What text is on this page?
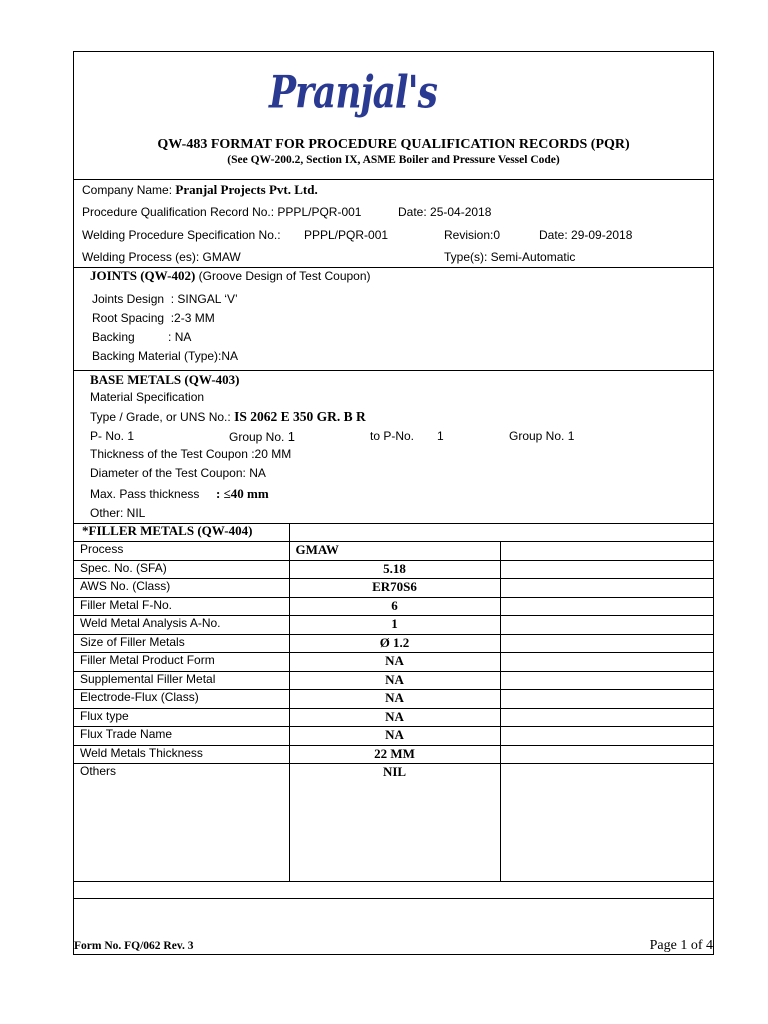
Pranjal's
QW-483 FORMAT FOR PROCEDURE QUALIFICATION RECORDS (PQR)
(See QW-200.2, Section IX, ASME Boiler and Pressure Vessel Code)
Company Name: Pranjal Projects Pvt. Ltd.
Procedure Qualification Record No.: PPPL/PQR-001	Date: 25-04-2018
Welding Procedure Specification No.: PPPL/PQR-001	Revision:0	Date: 29-09-2018
Welding Process (es): GMAW	Type(s): Semi-Automatic
JOINTS (QW-402) (Groove Design of Test Coupon)
Joints Design  : SINGAL ‘V’
Root Spacing  :2-3 MM
Backing          : NA
Backing Material (Type):NA
BASE METALS (QW-403)
Material Specification
Type / Grade, or UNS No.: IS 2062 E 350 GR. B R
P- No. 1	Group No. 1	to P-No. 1	Group No. 1
Thickness of the Test Coupon :20 MM
Diameter of the Test Coupon: NA
Max. Pass thickness     : ≤40 mm
Other: NIL
*FILLER METALS (QW-404)		
Process	GMAW	
Spec. No. (SFA)	5.18	
AWS No. (Class)	ER70S6	
Filler Metal F-No.	6	
Weld Metal Analysis A-No.	1	
Size of Filler Metals	Ø 1.2	
Filler Metal Product Form	NA	
Supplemental Filler Metal	NA	
Electrode-Flux (Class)	NA	
Flux type	NA	
Flux Trade Name	NA	
Weld Metals Thickness	22 MM	
Others	NIL	
Form No. FQ/062 Rev. 3	Page 1 of 4
